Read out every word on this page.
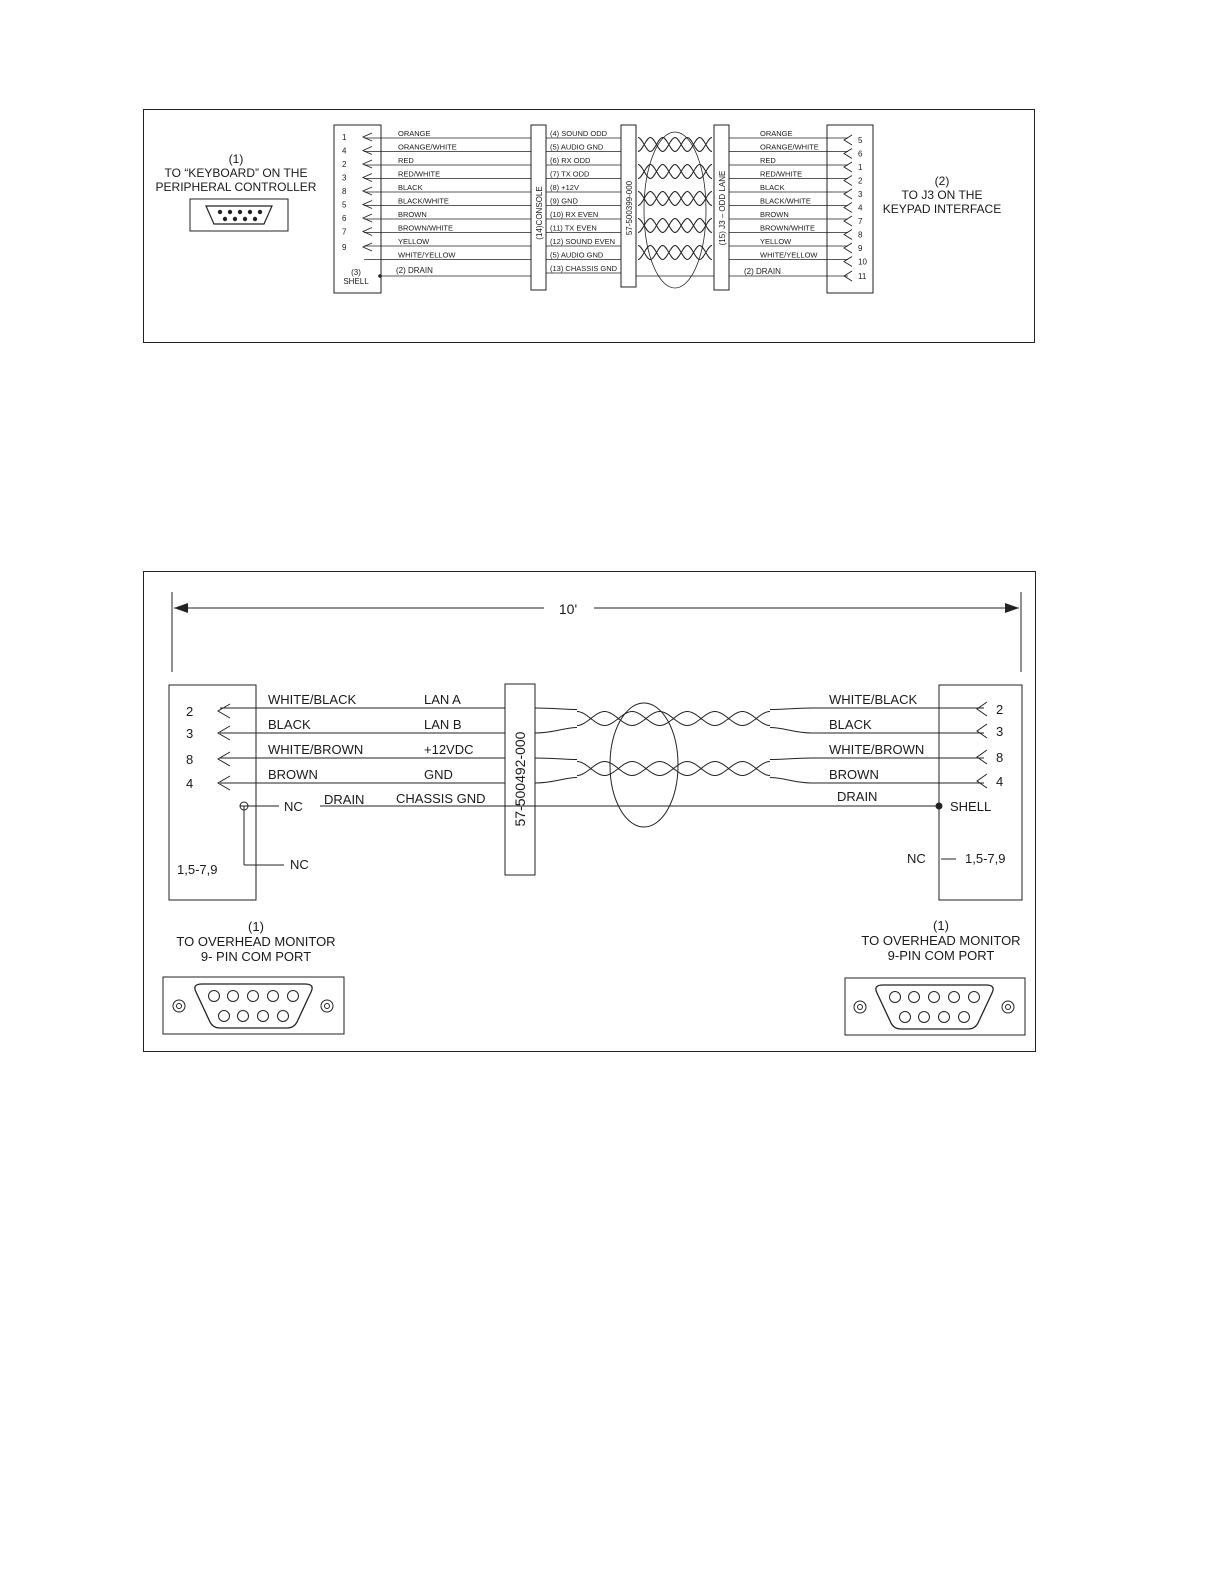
(1)
TO “KEYBOARD” ON THE
PERIPHERAL CONTROLLER	(2)
TO J3 ON THE
KEYPAD INTERFACE
(14)CONSOLE	57-500399-000	(15) J3 – ODD LANE
(3)
SHELL
1
4
2
3
8
5
6
7
9
ORANGE
ORANGE/WHITE
RED
RED/WHITE
BLACK
BLACK/WHITE
BROWN
BROWN/WHITE
YELLOW
WHITE/YELLOW
(2) DRAIN
(4) SOUND ODD
(5) AUDIO GND
(6) RX ODD
(7) TX ODD
(8) +12V
(9) GND
(10) RX EVEN
(11) TX EVEN
(12) SOUND EVEN
(5) AUDIO GND
(13) CHASSIS GND
ORANGE
ORANGE/WHITE
RED
RED/WHITE
BLACK
BLACK/WHITE
BROWN
BROWN/WHITE
YELLOW
WHITE/YELLOW
(2) DRAIN
5
6
1
2
3
4
7
8
9
10
11
10'
57-500492-000
NC DRAIN CHASSIS GND	DRAIN
SHELL
NC
1,5-7,9
NC	1,5-7,9
(1)
TO OVERHEAD MONITOR
9- PIN COM PORT
(1)
TO OVERHEAD MONITOR
9-PIN COM PORT
2
3
8
4
WHITE/BLACK
BLACK
WHITE/BROWN
BROWN
LAN A
LAN B
+12VDC
GND
WHITE/BLACK
BLACK
WHITE/BROWN
BROWN
2
3
8
4
